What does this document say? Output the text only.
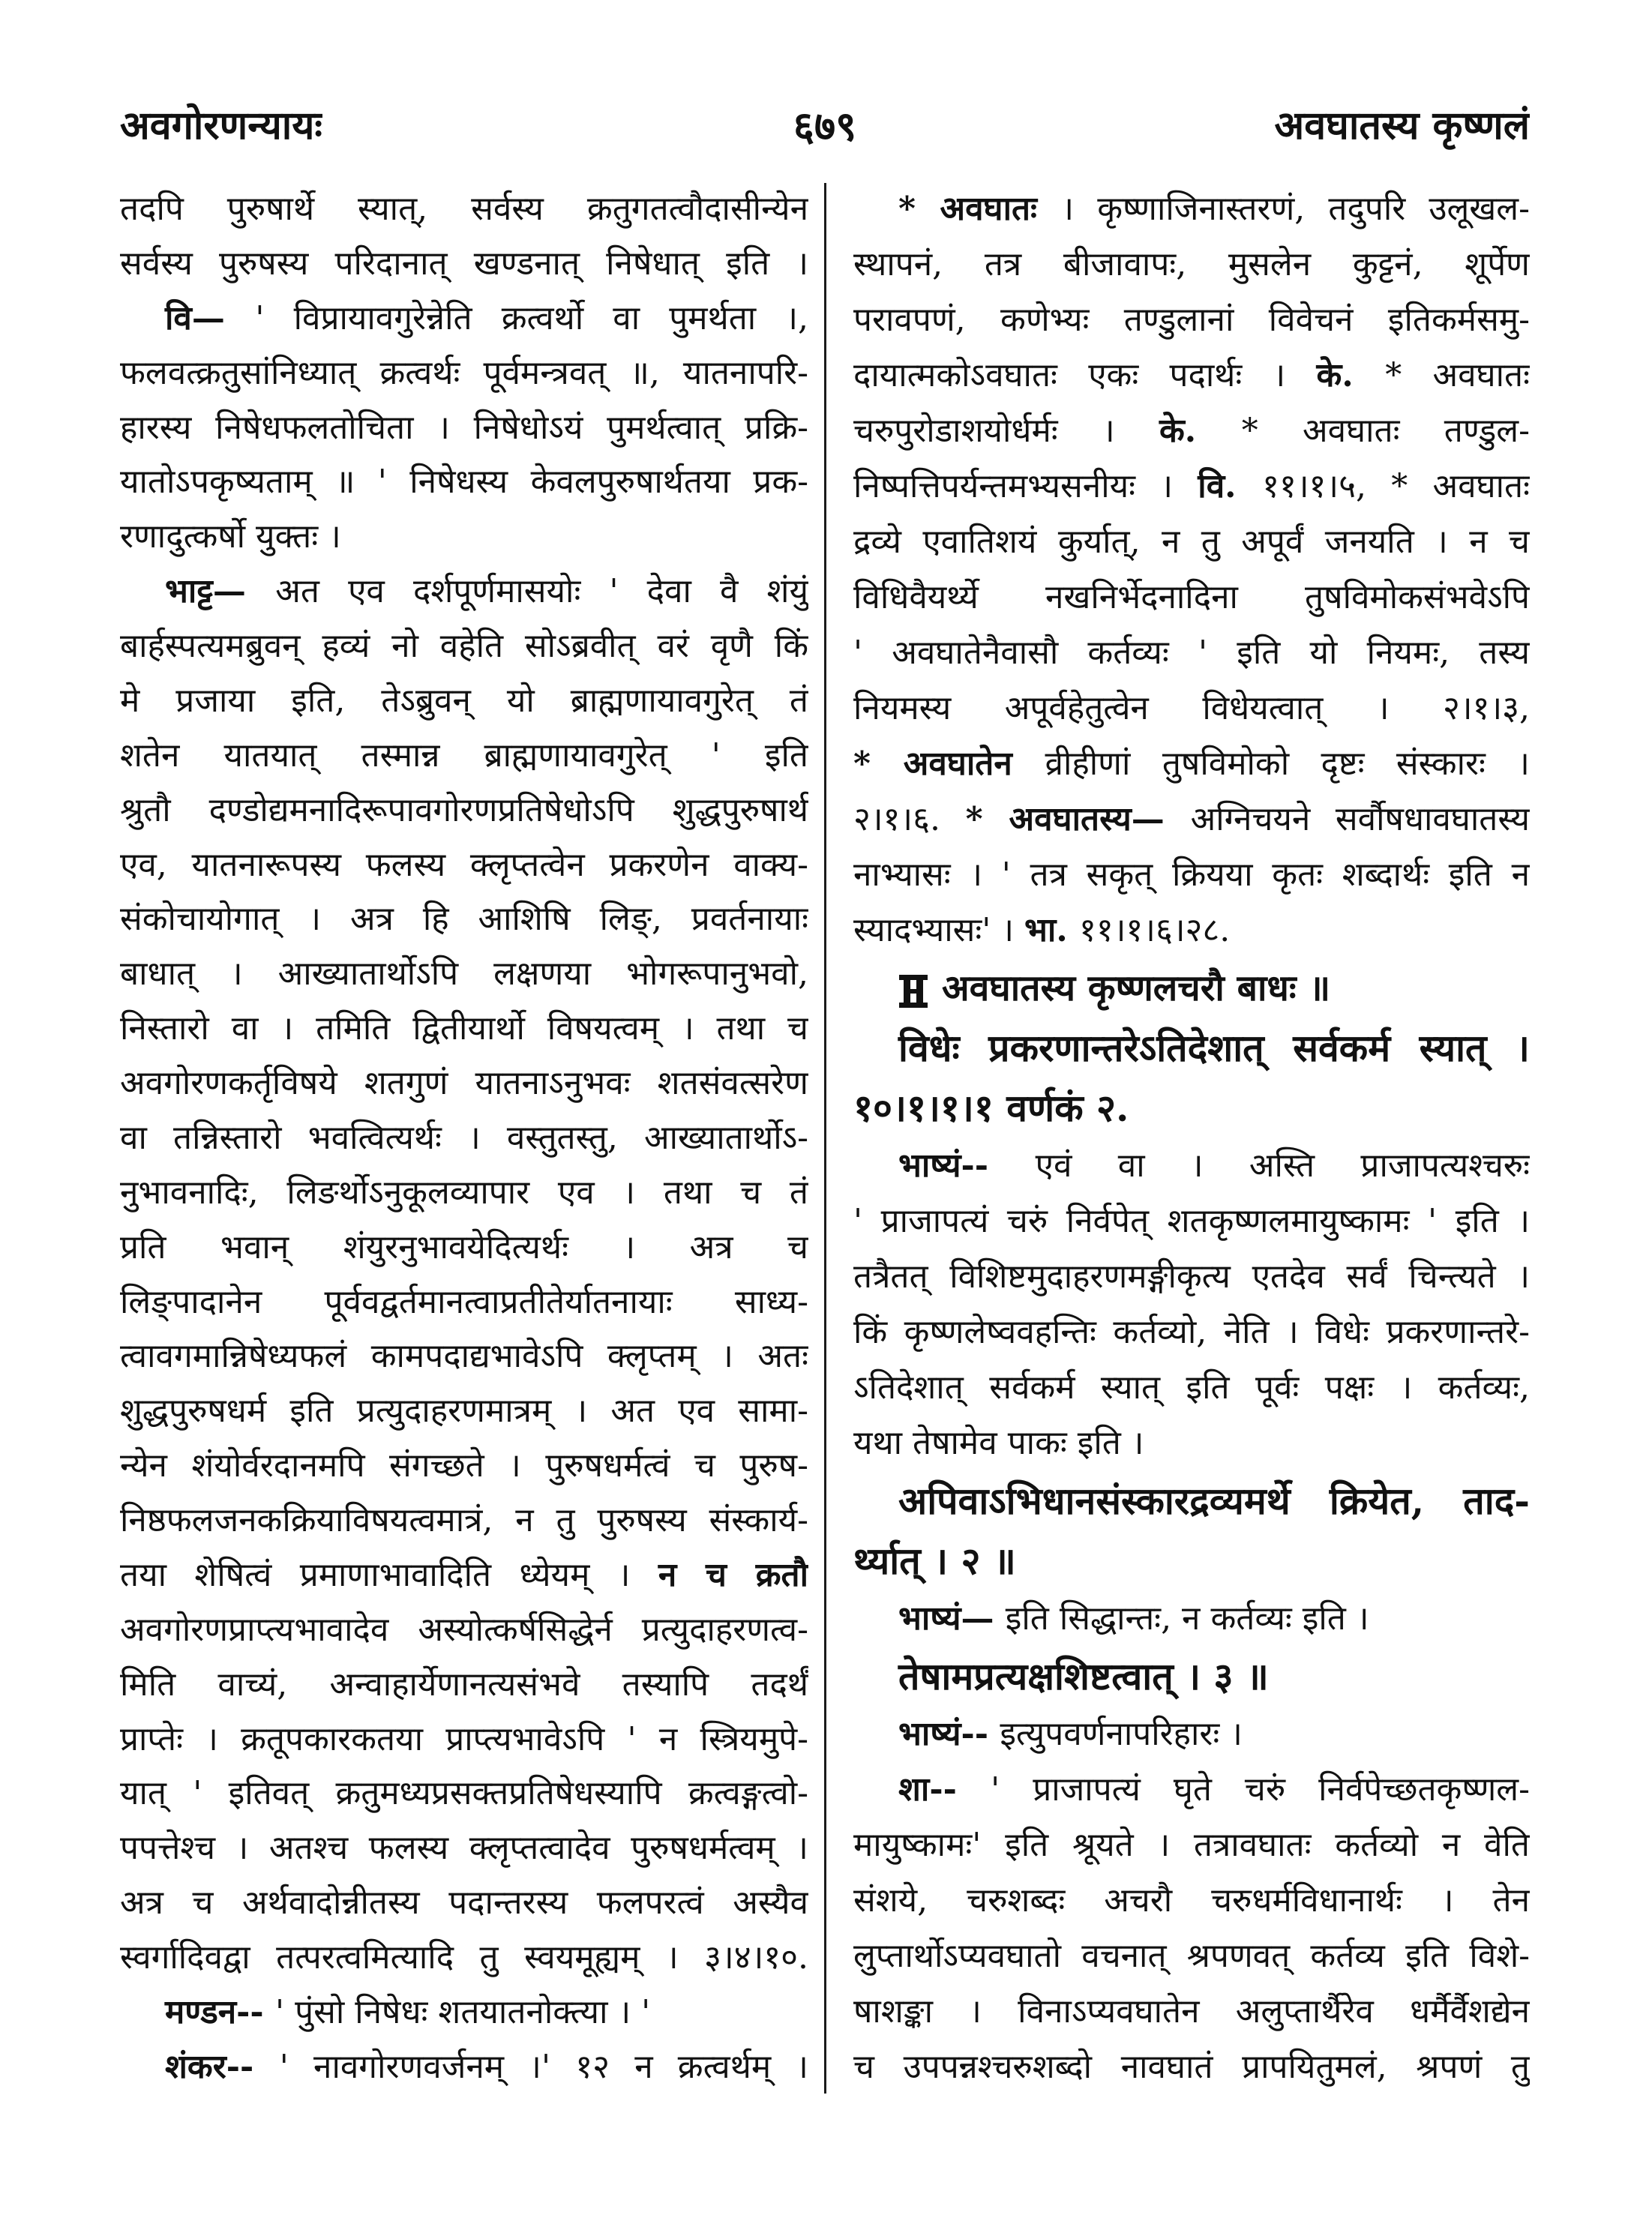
अवगोरणन्यायः	६७९	अवघातस्य कृष्णलं
तदपि पुरुषार्थे स्यात्, सर्वस्य क्रतुगतत्वौदासीन्येन
सर्वस्य पुरुषस्य परिदानात् खण्डनात् निषेधात् इति ।
वि— ' विप्रायावगुरेन्नेति क्रत्वर्थो वा पुमर्थता ।,
फलवत्क्रतुसांनिध्यात् क्रत्वर्थः पूर्वमन्त्रवत् ॥, यातनापरि-
हारस्य निषेधफलतोचिता । निषेधोऽयं पुमर्थत्वात् प्रक्रि-
यातोऽपकृष्यताम् ॥ ' निषेधस्य केवलपुरुषार्थतया प्रक-
रणादुत्कर्षो युक्तः ।
भाट्ट— अत एव दर्शपूर्णमासयोः ' देवा वै शंयुं
बार्हस्पत्यमब्रुवन् हव्यं नो वहेति सोऽब्रवीत् वरं वृणै किं
मे प्रजाया इति, तेऽब्रुवन् यो ब्राह्मणायावगुरेत् तं
शतेन यातयात् तस्मान्न ब्राह्मणायावगुरेत् ' इति
श्रुतौ दण्डोद्यमनादिरूपावगोरणप्रतिषेधोऽपि शुद्धपुरुषार्थ
एव, यातनारूपस्य फलस्य क्लृप्तत्वेन प्रकरणेन वाक्य-
संकोचायोगात् । अत्र हि आशिषि लिङ्, प्रवर्तनायाः
बाधात् । आख्यातार्थोऽपि लक्षणया भोगरूपानुभवो,
निस्तारो वा । तमिति द्वितीयार्थो विषयत्वम् । तथा च
अवगोरणकर्तृविषये शतगुणं यातनाऽनुभवः शतसंवत्सरेण
वा तन्निस्तारो भवत्वित्यर्थः । वस्तुतस्तु, आख्यातार्थोऽ-
नुभावनादिः, लिङर्थोऽनुकूलव्यापार एव । तथा च तं
प्रति भवान् शंयुरनुभावयेदित्यर्थः । अत्र च
लिङ्पादानेन पूर्ववद्वर्तमानत्वाप्रतीतेर्यातनायाः साध्य-
त्वावगमान्निषेध्यफलं कामपदाद्यभावेऽपि क्लृप्तम् । अतः
शुद्धपुरुषधर्म इति प्रत्युदाहरणमात्रम् । अत एव सामा-
न्येन शंयोर्वरदानमपि संगच्छते । पुरुषधर्मत्वं च पुरुष-
निष्ठफलजनकक्रियाविषयत्वमात्रं, न तु पुरुषस्य संस्कार्य-
तया शेषित्वं प्रमाणाभावादिति ध्येयम् । न च क्रतौ
अवगोरणप्राप्त्यभावादेव अस्योत्कर्षसिद्धेर्न प्रत्युदाहरणत्व-
मिति वाच्यं, अन्वाहार्येणानत्यसंभवे तस्यापि तदर्थं
प्राप्तेः । क्रतूपकारकतया प्राप्त्यभावेऽपि ' न स्त्रियमुपे-
यात् ' इतिवत् क्रतुमध्यप्रसक्तप्रतिषेधस्यापि क्रत्वङ्गत्वो-
पपत्तेश्च । अतश्च फलस्य क्लृप्तत्वादेव पुरुषधर्मत्वम् ।
अत्र च अर्थवादोन्नीतस्य पदान्तरस्य फलपरत्वं अस्यैव
स्वर्गादिवद्वा तत्परत्वमित्यादि तु स्वयमूह्यम् । ३।४।१०.
मण्डन-- ' पुंसो निषेधः शतयातनोक्त्या । '
शंकर-- ' नावगोरणवर्जनम् ।' १२ न क्रत्वर्थम् ।
* अवघातः । कृष्णाजिनास्तरणं, तदुपरि उलूखल-
स्थापनं, तत्र बीजावापः, मुसलेन कुट्टनं, शूर्पेण
परावपणं, कणेभ्यः तण्डुलानां विवेचनं इतिकर्मसमु-
दायात्मकोऽवघातः एकः पदार्थः । के. * अवघातः
चरुपुरोडाशयोर्धर्मः । के. * अवघातः तण्डुल-
निष्पत्तिपर्यन्तमभ्यसनीयः । वि. ११।१।५, * अवघातः
द्रव्ये एवातिशयं कुर्यात्, न तु अपूर्वं जनयति । न च
विधिवैयर्थ्ये नखनिर्भेदनादिना तुषविमोकसंभवेऽपि
' अवघातेनैवासौ कर्तव्यः ' इति यो नियमः, तस्य
नियमस्य अपूर्वहेतुत्वेन विधेयत्वात् । २।१।३,
* अवघातेन व्रीहीणां तुषविमोको दृष्टः संस्कारः ।
२।१।६. * अवघातस्य— अग्निचयने सर्वौषधावघातस्य
नाभ्यासः । ' तत्र सकृत् क्रियया कृतः शब्दार्थः इति न
स्यादभ्यासः' । भा. ११।१।६।२८.
अवघातस्य कृष्णलचरौ बाधः ॥
विधेः प्रकरणान्तरेऽतिदेशात् सर्वकर्म स्यात् ।
१०।१।१।१ वर्णकं २.
भाष्यं-- एवं वा । अस्ति प्राजापत्यश्चरुः
' प्राजापत्यं चरुं निर्वपेत् शतकृष्णलमायुष्कामः ' इति ।
तत्रैतत् विशिष्टमुदाहरणमङ्गीकृत्य एतदेव सर्वं चिन्त्यते ।
किं कृष्णलेष्ववहन्तिः कर्तव्यो, नेति । विधेः प्रकरणान्तरे-
ऽतिदेशात् सर्वकर्म स्यात् इति पूर्वः पक्षः । कर्तव्यः,
यथा तेषामेव पाकः इति ।
अपिवाऽभिधानसंस्कारद्रव्यमर्थे क्रियेत, ताद-
र्थ्यात् । २ ॥
भाष्यं— इति सिद्धान्तः, न कर्तव्यः इति ।
तेषामप्रत्यक्षशिष्टत्वात् । ३ ॥
भाष्यं-- इत्युपवर्णनापरिहारः ।
शा-- ' प्राजापत्यं घृते चरुं निर्वपेच्छतकृष्णल-
मायुष्कामः' इति श्रूयते । तत्रावघातः कर्तव्यो न वेति
संशये, चरुशब्दः अचरौ चरुधर्मविधानार्थः । तेन
लुप्तार्थोऽप्यवघातो वचनात् श्रपणवत् कर्तव्य इति विशे-
षाशङ्का । विनाऽप्यवघातेन अलुप्तार्थैरेव धर्मैर्वैशद्येन
च उपपन्नश्चरुशब्दो नावघातं प्रापयितुमलं, श्रपणं तु
